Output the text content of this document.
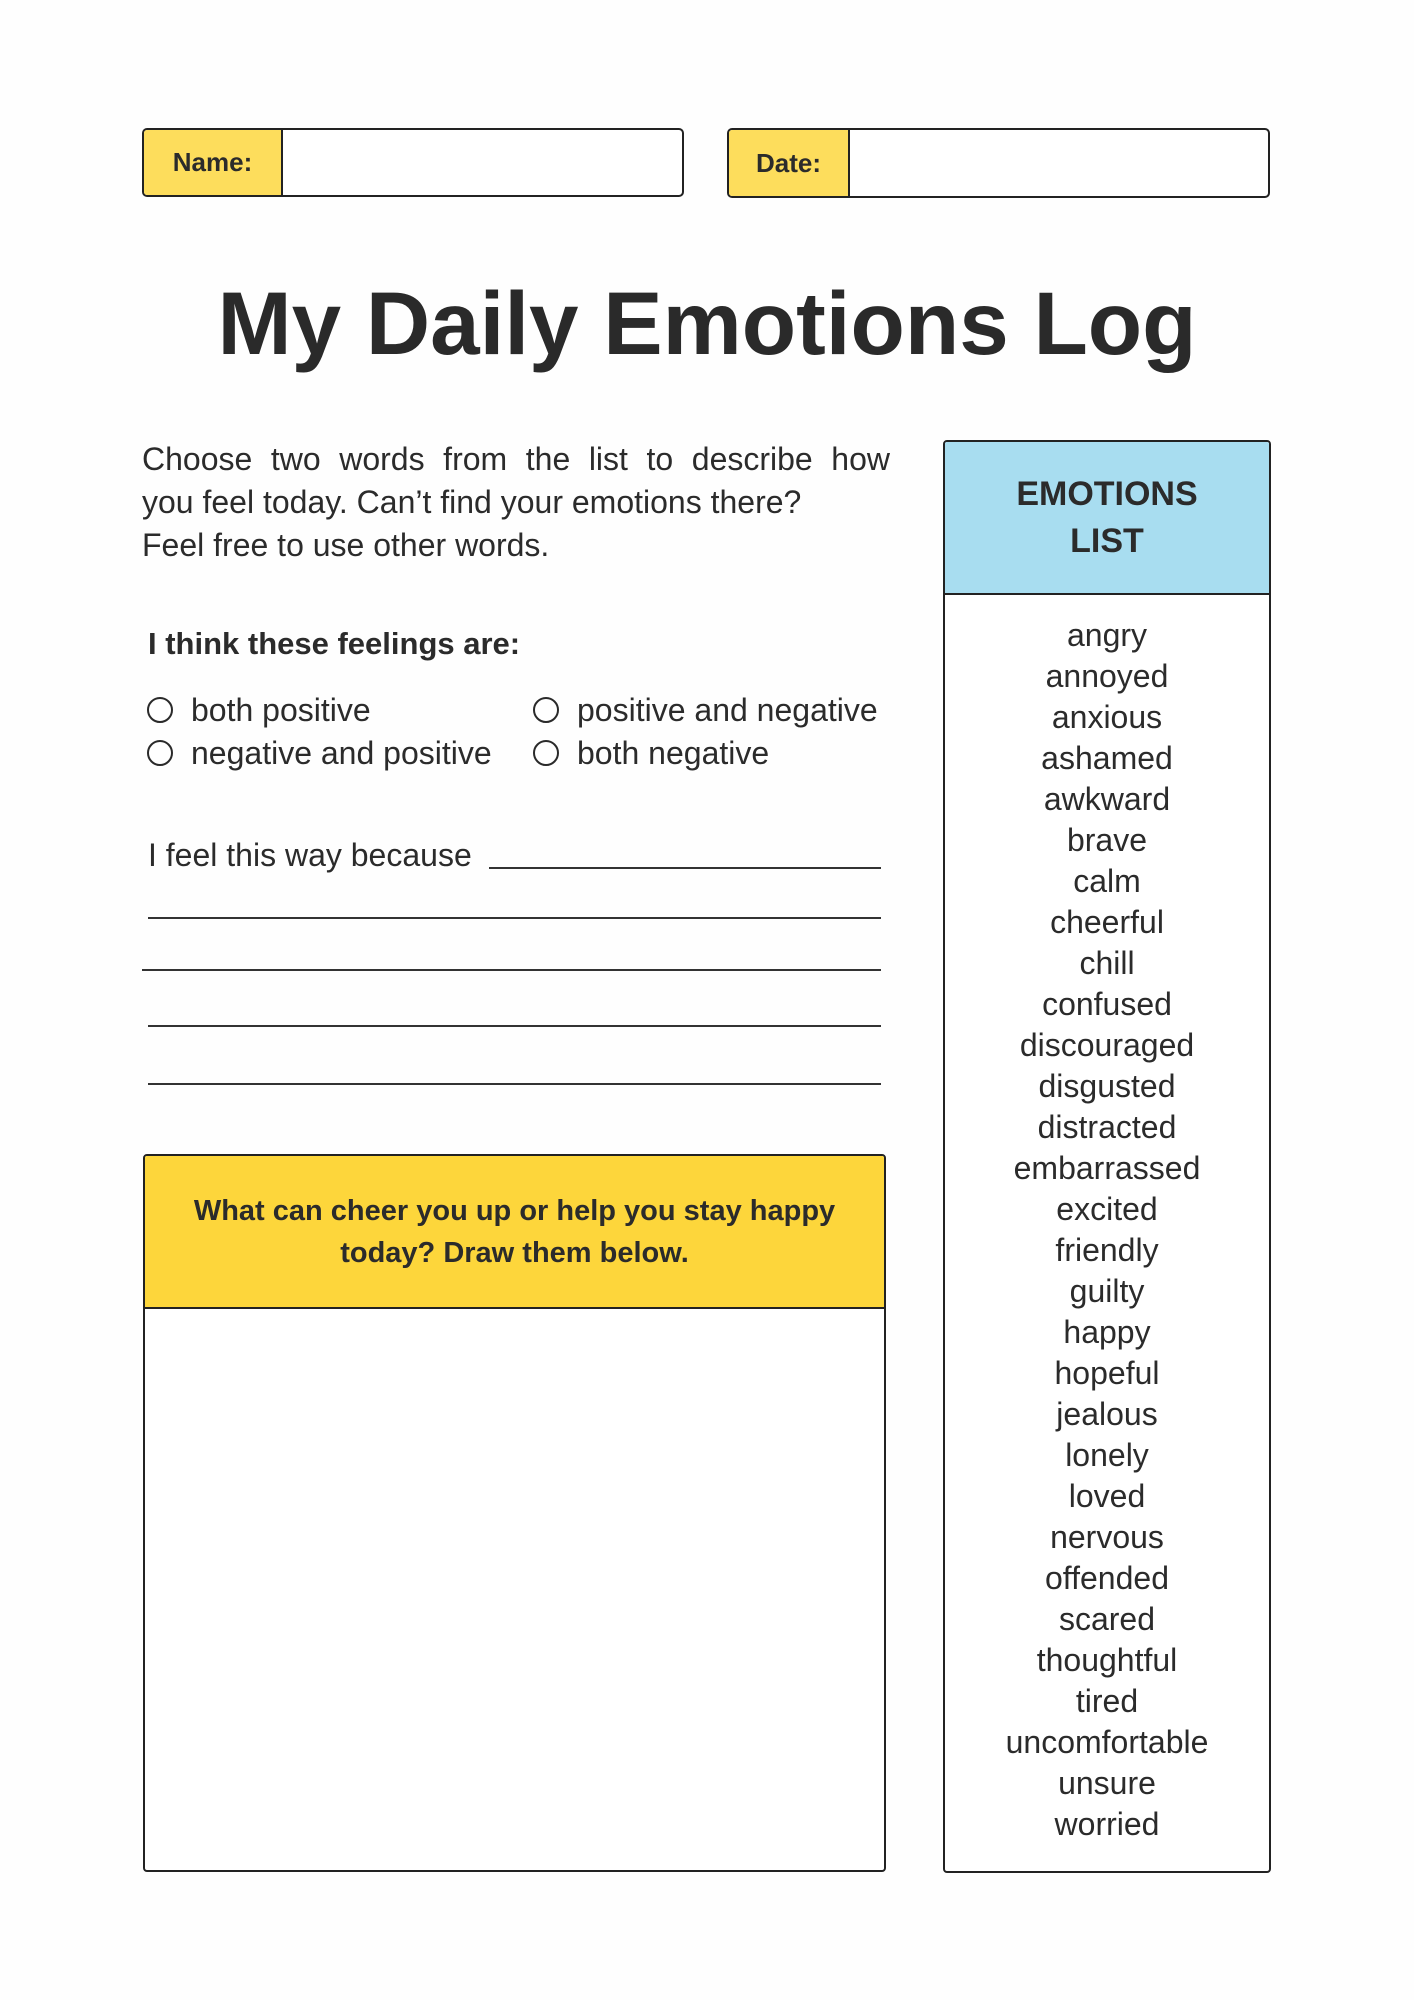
Name:	Date:
My Daily Emotions Log
Choose two words from the list to describe how
you feel today. Can’t find your emotions there?
Feel free to use other words.
I think these feelings are:
both positive	positive and negative
negative and positive	both negative
I feel this way because
What can cheer you up or help you stay happy
today? Draw them below.
EMOTIONS
LIST
angry
annoyed
anxious
ashamed
awkward
brave
calm
cheerful
chill
confused
discouraged
disgusted
distracted
embarrassed
excited
friendly
guilty
happy
hopeful
jealous
lonely
loved
nervous
offended
scared
thoughtful
tired
uncomfortable
unsure
worried
